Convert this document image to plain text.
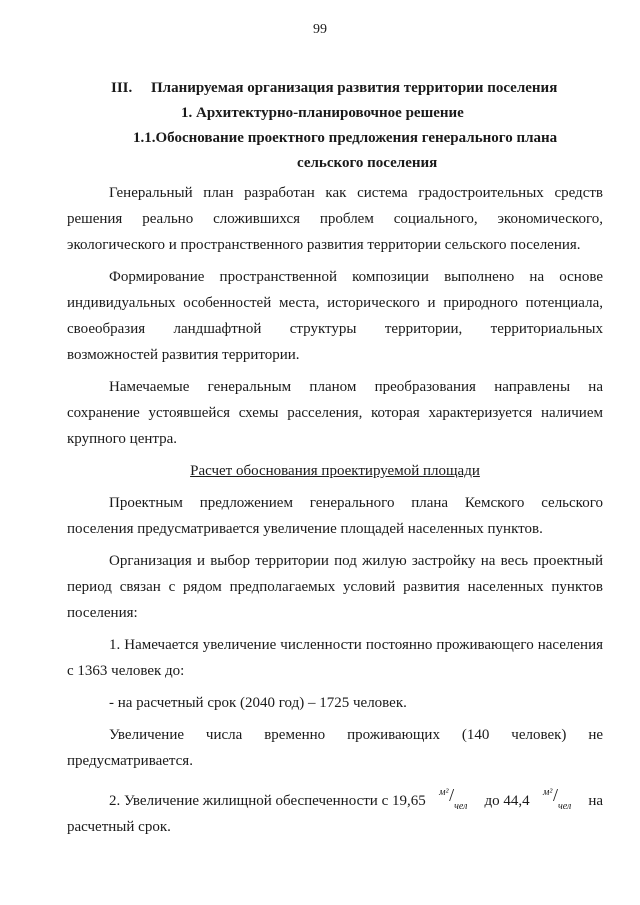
99
III. Планируемая организация развития территории поселения
1. Архитектурно-планировочное решение
1.1.Обоснование проектного предложения генерального плана
сельского поселения
Генеральный план разработан как система градостроительных средств
решения реально сложившихся проблем социального, экономического,
экологического и пространственного развития территории сельского поселения.
Формирование пространственной композиции выполнено на основе
индивидуальных особенностей места, исторического и природного потенциала,
своеобразия ландшафтной структуры территории, территориальных
возможностей развития территории.
Намечаемые генеральным планом преобразования направлены на
сохранение устоявшейся схемы расселения, которая характеризуется наличием
крупного центра.
Расчет обоснования проектируемой площади
Проектным предложением генерального плана Кемского сельского
поселения предусматривается увеличение площадей населенных пунктов.
Организация и выбор территории под жилую застройку на весь проектный
период связан с рядом предполагаемых условий развития населенных пунктов
поселения:
1. Намечается увеличение численности постоянно проживающего населения
с 1363 человек до:
- на расчетный срок (2040 год) – 1725 человек.
Увеличение числа временно проживающих (140 человек) не
предусматривается.
2. Увеличение жилищной обеспеченности с 19,65
м² /
чел до 44,4
м² /
чел на
расчетный срок.
